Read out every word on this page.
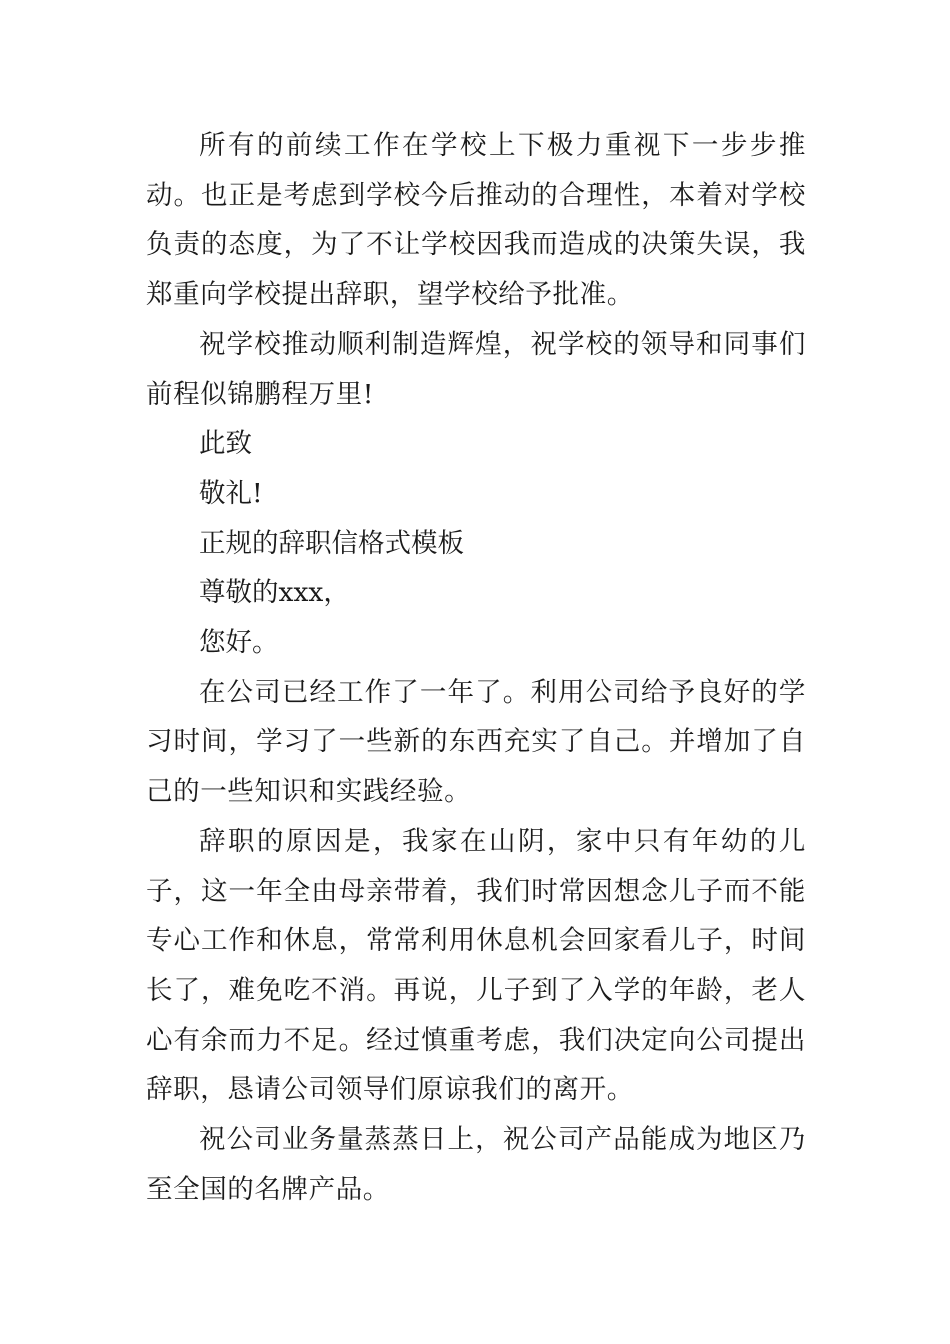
所有的前续工作在学校上下极力重视下一步步推动。也正是考虑到学校今后推动的合理性，本着对学校负责的态度，为了不让学校因我而造成的决策失误，我郑重向学校提出辞职，望学校给予批准。

祝学校推动顺利制造辉煌，祝学校的领导和同事们前程似锦鹏程万里!

此致

敬礼!

正规的辞职信格式模板

尊敬的xxx，

您好。

在公司已经工作了一年了。利用公司给予良好的学习时间，学习了一些新的东西充实了自己。并增加了自己的一些知识和实践经验。

辞职的原因是，我家在山阴，家中只有年幼的儿子，这一年全由母亲带着，我们时常因想念儿子而不能专心工作和休息，常常利用休息机会回家看儿子，时间长了，难免吃不消。再说，儿子到了入学的年龄，老人心有余而力不足。经过慎重考虑，我们决定向公司提出辞职，恳请公司领导们原谅我们的离开。

祝公司业务量蒸蒸日上，祝公司产品能成为地区乃至全国的名牌产品。
